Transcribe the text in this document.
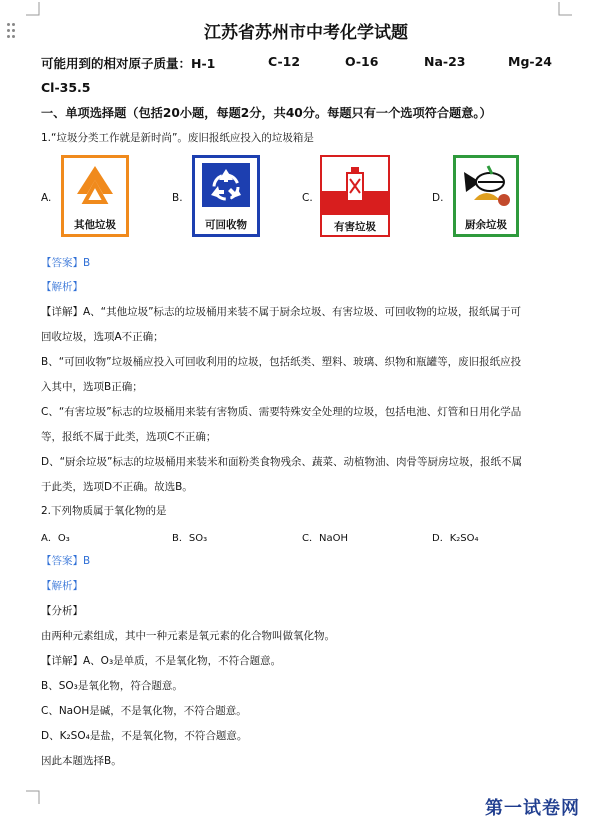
江苏省苏州市中考化学试题
可能用到的相对原子质量：H-1	C-12	O-16	Na-23	Mg-24
Cl-35.5
一、单项选择题（包括20小题，每题2分，共40分。每题只有一个选项符合题意。）
1.“垃圾分类工作就是新时尚”。废旧报纸应投入的垃圾箱是
A.	B.	C.	D.
其他垃圾	可回收物	有害垃圾	厨余垃圾
【答案】B
【解析】
【详解】A、“其他垃圾”标志的垃圾桶用来装不属于厨余垃圾、有害垃圾、可回收物的垃圾，报纸属于可
回收垃圾，选项A不正确；
B、“可回收物”垃圾桶应投入可回收利用的垃圾，包括纸类、塑料、玻璃、织物和瓶罐等，废旧报纸应投
入其中，选项B正确；
C、“有害垃圾”标志的垃圾桶用来装有害物质、需要特殊安全处理的垃圾，包括电池、灯管和日用化学品
等，报纸不属于此类，选项C不正确；
D、“厨余垃圾”标志的垃圾桶用来装米和面粉类食物残余、蔬菜、动植物油、肉骨等厨房垃圾，报纸不属
于此类，选项D不正确。故选B。
2.下列物质属于氧化物的是
A．O₃	B．SO₃	C．NaOH	D．K₂SO₄
【答案】B
【解析】
【分析】
由两种元素组成，其中一种元素是氧元素的化合物叫做氧化物。
【详解】A、O₃是单质，不是氧化物，不符合题意。
B、SO₃是氧化物，符合题意。
C、NaOH是碱，不是氧化物，不符合题意。
D、K₂SO₄是盐，不是氧化物，不符合题意。
因此本题选择B。
第一试卷网
